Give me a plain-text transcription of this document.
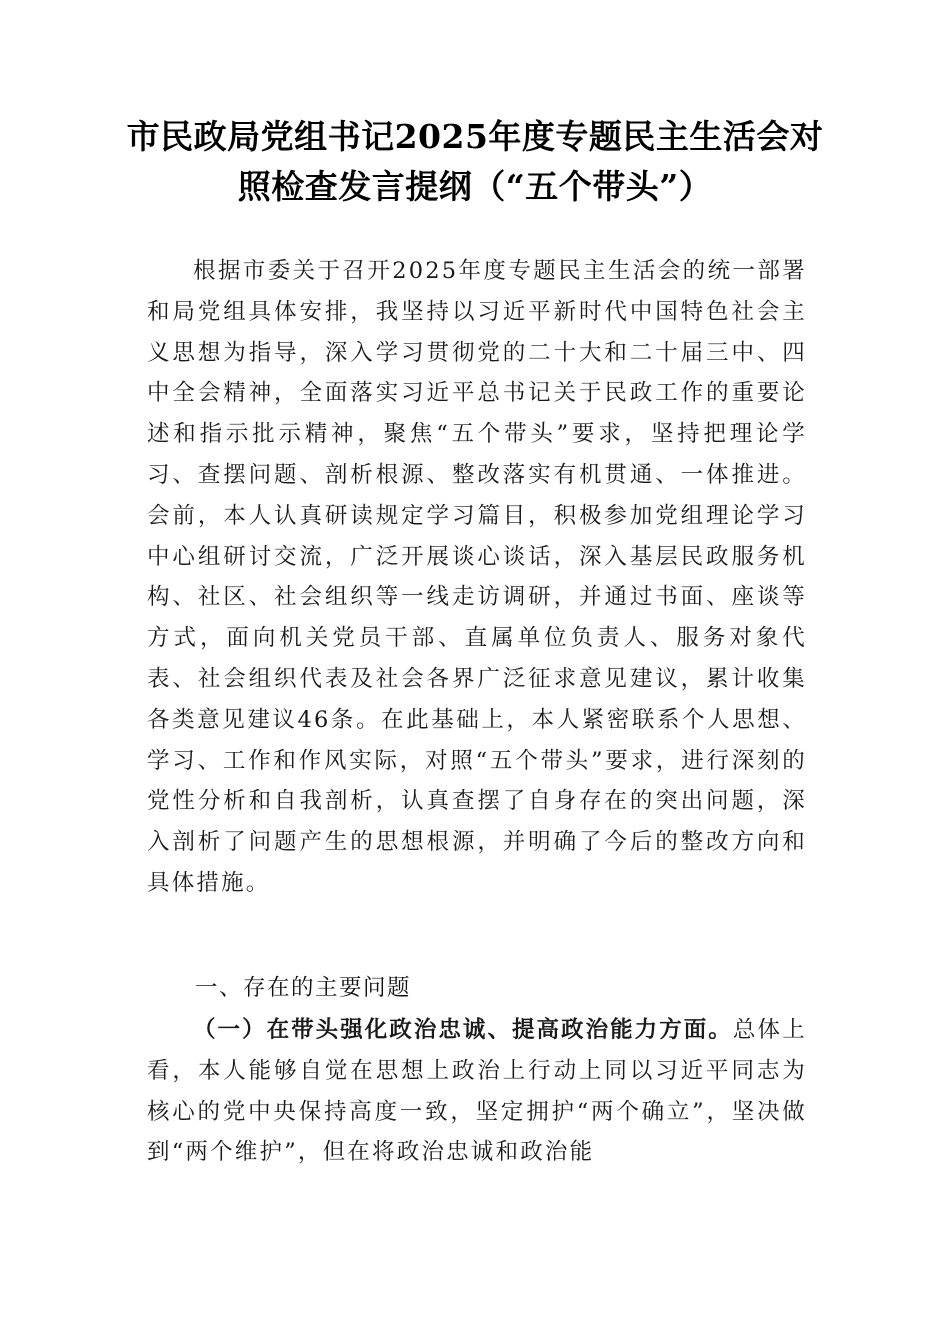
市民政局党组书记2025年度专题民主生活会对照检查发言提纲（“五个带头”）

根据市委关于召开2025年度专题民主生活会的统一部署和局党组具体安排，我坚持以习近平新时代中国特色社会主义思想为指导，深入学习贯彻党的二十大和二十届三中、四中全会精神，全面落实习近平总书记关于民政工作的重要论述和指示批示精神，聚焦“五个带头”要求，坚持把理论学习、查摆问题、剖析根源、整改落实有机贯通、一体推进。会前，本人认真研读规定学习篇目，积极参加党组理论学习中心组研讨交流，广泛开展谈心谈话，深入基层民政服务机构、社区、社会组织等一线走访调研，并通过书面、座谈等方式，面向机关党员干部、直属单位负责人、服务对象代表、社会组织代表及社会各界广泛征求意见建议，累计收集各类意见建议46条。在此基础上，本人紧密联系个人思想、学习、工作和作风实际，对照“五个带头”要求，进行深刻的党性分析和自我剖析，认真查摆了自身存在的突出问题，深入剖析了问题产生的思想根源，并明确了今后的整改方向和具体措施。

一、存在的主要问题

（一）在带头强化政治忠诚、提高政治能力方面。总体上看，本人能够自觉在思想上政治上行动上同以习近平同志为核心的党中央保持高度一致，坚定拥护“两个确立”，坚决做到“两个维护”，但在将政治忠诚和政治能
